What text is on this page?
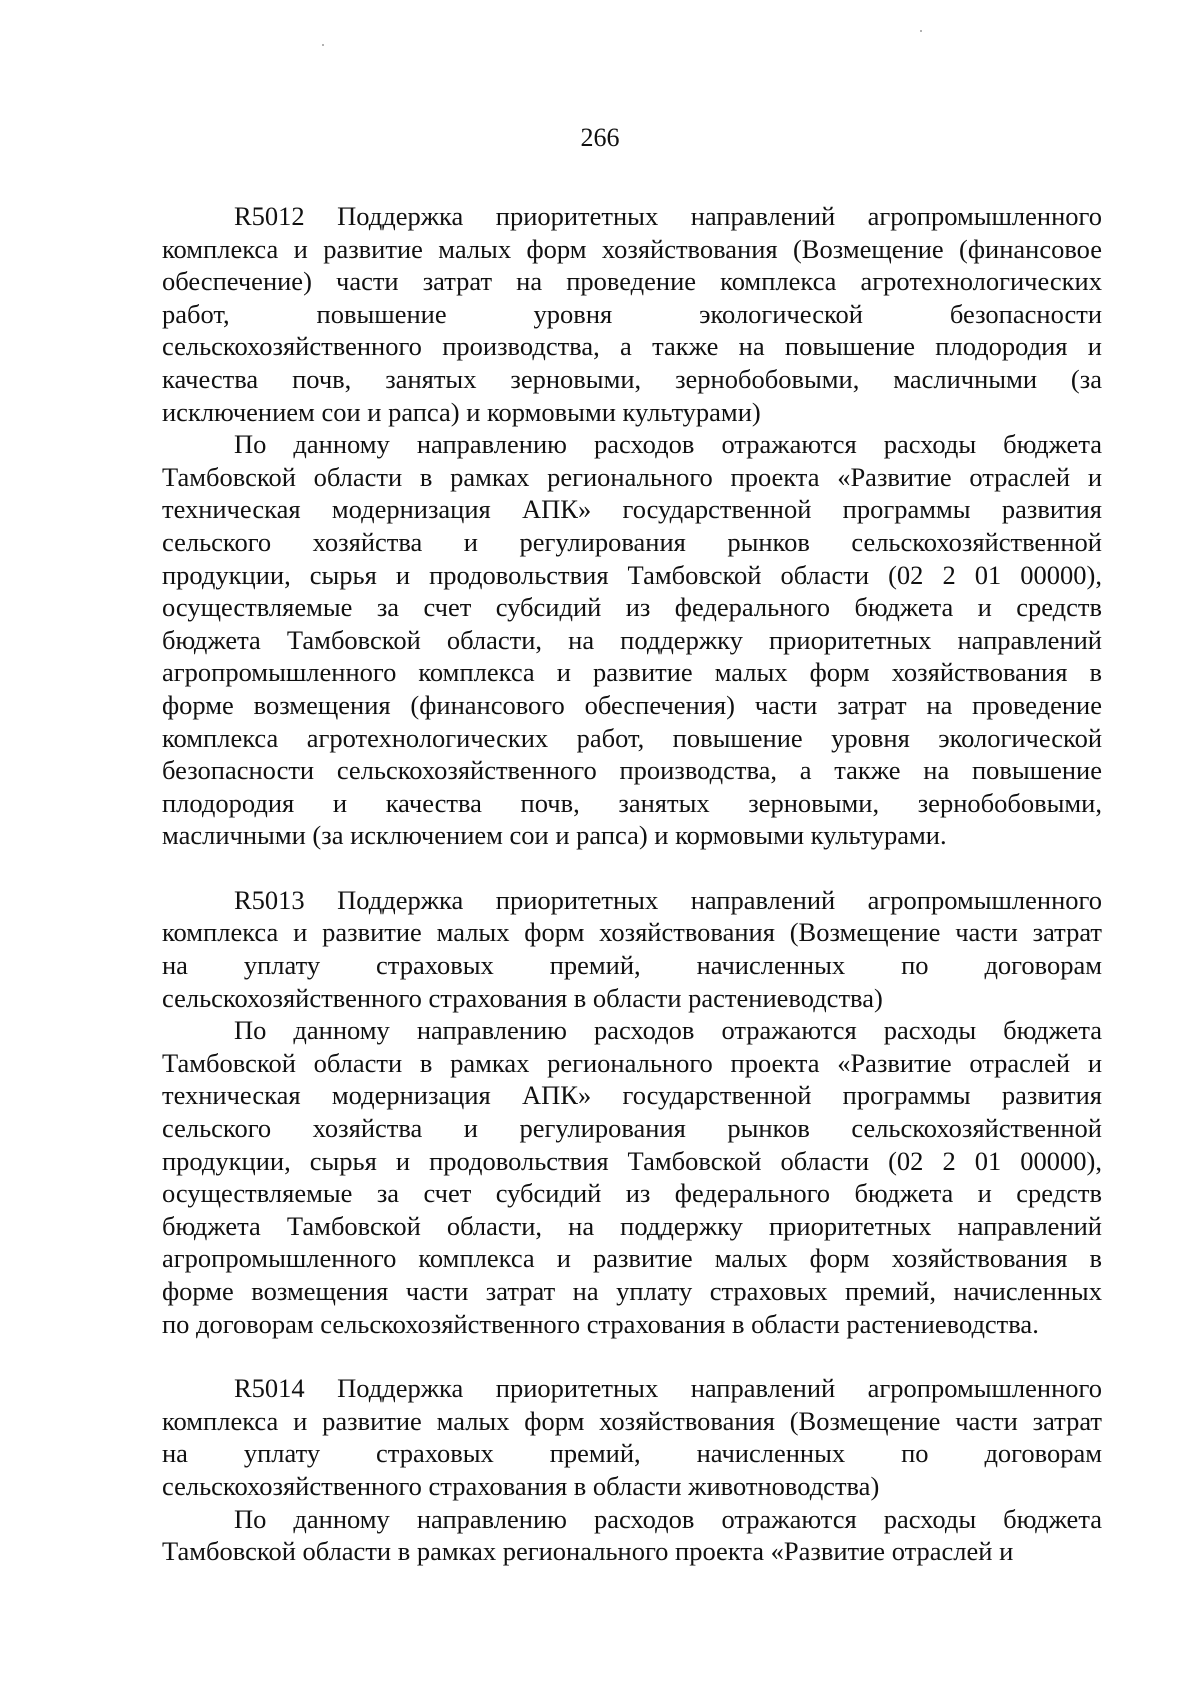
266
R5012 Поддержка приоритетных направлений агропромышленного
комплекса и развитие малых форм хозяйствования (Возмещение (финансовое
обеспечение) части затрат на проведение комплекса агротехнологических
работ, повышение уровня экологической безопасности
сельскохозяйственного производства, а также на повышение плодородия и
качества почв, занятых зерновыми, зернобобовыми, масличными (за
исключением сои и рапса) и кормовыми культурами)
По данному направлению расходов отражаются расходы бюджета
Тамбовской области в рамках регионального проекта «Развитие отраслей и
техническая модернизация АПК» государственной программы развития
сельского хозяйства и регулирования рынков сельскохозяйственной
продукции, сырья и продовольствия Тамбовской области (02 2 01 00000),
осуществляемые за счет субсидий из федерального бюджета и средств
бюджета Тамбовской области, на поддержку приоритетных направлений
агропромышленного комплекса и развитие малых форм хозяйствования в
форме возмещения (финансового обеспечения) части затрат на проведение
комплекса агротехнологических работ, повышение уровня экологической
безопасности сельскохозяйственного производства, а также на повышение
плодородия и качества почв, занятых зерновыми, зернобобовыми,
масличными (за исключением сои и рапса) и кормовыми культурами.
R5013 Поддержка приоритетных направлений агропромышленного
комплекса и развитие малых форм хозяйствования (Возмещение части затрат
на уплату страховых премий, начисленных по договорам
сельскохозяйственного страхования в области растениеводства)
По данному направлению расходов отражаются расходы бюджета
Тамбовской области в рамках регионального проекта «Развитие отраслей и
техническая модернизация АПК» государственной программы развития
сельского хозяйства и регулирования рынков сельскохозяйственной
продукции, сырья и продовольствия Тамбовской области (02 2 01 00000),
осуществляемые за счет субсидий из федерального бюджета и средств
бюджета Тамбовской области, на поддержку приоритетных направлений
агропромышленного комплекса и развитие малых форм хозяйствования в
форме возмещения части затрат на уплату страховых премий, начисленных
по договорам сельскохозяйственного страхования в области растениеводства.
R5014 Поддержка приоритетных направлений агропромышленного
комплекса и развитие малых форм хозяйствования (Возмещение части затрат
на уплату страховых премий, начисленных по договорам
сельскохозяйственного страхования в области животноводства)
По данному направлению расходов отражаются расходы бюджета
Тамбовской области в рамках регионального проекта «Развитие отраслей и
